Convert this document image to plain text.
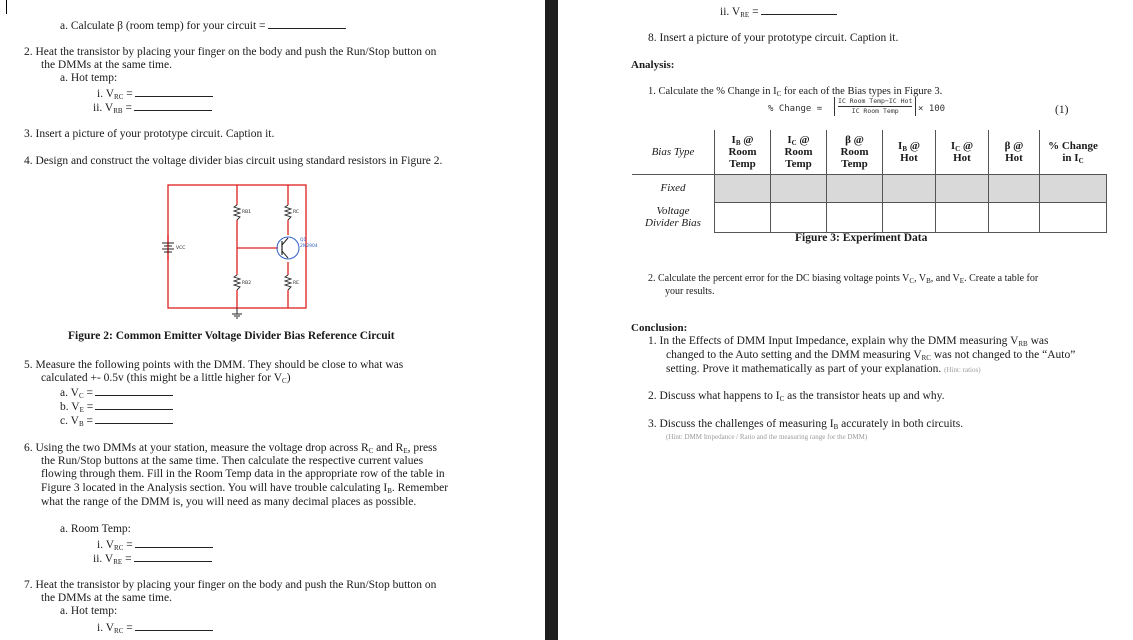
a. Calculate β (room temp) for your circuit =
2. Heat the transistor by placing your finger on the body and push the Run/Stop button on
the DMMs at the same time.
a. Hot temp:
i. $V_{RC}$ =
ii. $V_{RB}$ =
3. Insert a picture of your prototype circuit. Caption it.
4. Design and construct the voltage divider bias circuit using standard resistors in Figure 2.
RB1	RC
RB2	RE
VCC
Q1
2N2904
Figure 2: Common Emitter Voltage Divider Bias Reference Circuit
5. Measure the following points with the DMM. They should be close to what was
calculated +- 0.5v (this might be a little higher for $V_C$)
a. $V_C$ =
b. $V_E$ =
c. $V_B$ =
6. Using the two DMMs at your station, measure the voltage drop across $R_C$ and $R_E$, press
the Run/Stop buttons at the same time. Then calculate the respective current values
flowing through them. Fill in the Room Temp data in the appropriate row of the table in
Figure 3 located in the Analysis section. You will have trouble calculating $I_B$. Remember
what the range of the DMM is, you will need as many decimal places as possible.
a. Room Temp:
i. $V_{RC}$ =
ii. $V_{RE}$ =
7. Heat the transistor by placing your finger on the body and push the Run/Stop button on
the DMMs at the same time.
a. Hot temp:
i. $V_{RC}$ =
ii. $V_{RE}$ =
8. Insert a picture of your prototype circuit. Caption it.
Analysis:
1. Calculate the % Change in $I_C$ for each of the Bias types in Figure 3.
% Change =
IC Room Temp−IC Hot
IC Room Temp	× 100	(1)
Bias Type	$I_B$ @
Room
Temp	$I_C$ @
Room
Temp	β @
Room
Temp	$I_B$ @
Hot	$I_C$ @
Hot	β @
Hot	% Change
in $I_C$
Fixed							
Voltage
Divider Bias							
Figure 3: Experiment Data
2. Calculate the percent error for the DC biasing voltage points $V_C$, $V_B$, and $V_E$. Create a table for
your results.
Conclusion:
1. In the Effects of DMM Input Impedance, explain why the DMM measuring $V_{RB}$ was
changed to the Auto setting and the DMM measuring $V_{RC}$ was not changed to the “Auto”
setting. Prove it mathematically as part of your explanation. (Hint: ratios)
2. Discuss what happens to $I_C$ as the transistor heats up and why.
3. Discuss the challenges of measuring $I_B$ accurately in both circuits.
(Hint: DMM Impedance / Ratio and the measuring range for the DMM)
